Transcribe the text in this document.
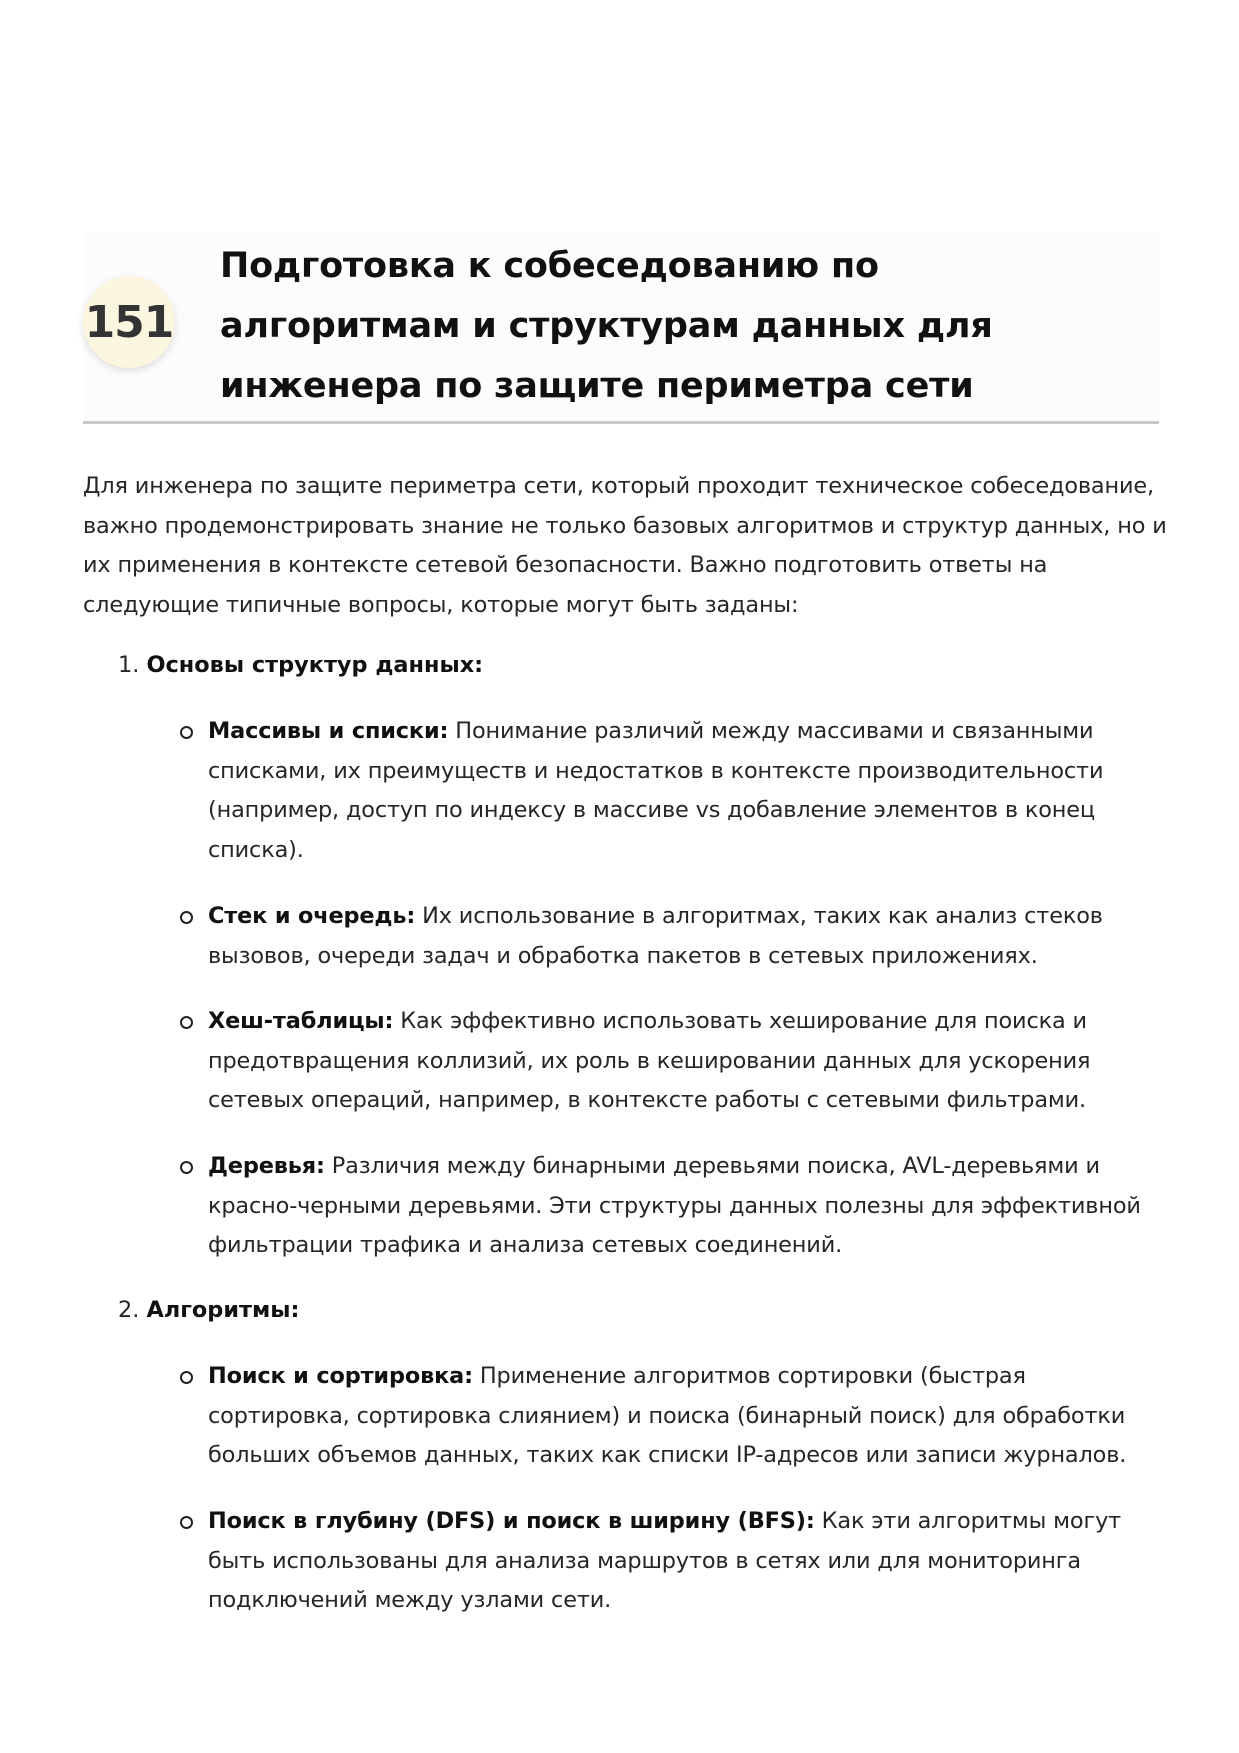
151
Подготовка к собеседованию по алгоритмам и структурам данных для инженера по защите периметра сети

Для инженера по защите периметра сети, который проходит техническое собеседование, важно продемонстрировать знание не только базовых алгоритмов и структур данных, но и их применения в контексте сетевой безопасности. Важно подготовить ответы на следующие типичные вопросы, которые могут быть заданы:

1. Основы структур данных:

Массивы и списки: Понимание различий между массивами и связанными списками, их преимуществ и недостатков в контексте производительности (например, доступ по индексу в массиве vs добавление элементов в конец списка).

Стек и очередь: Их использование в алгоритмах, таких как анализ стеков вызовов, очереди задач и обработка пакетов в сетевых приложениях.

Хеш-таблицы: Как эффективно использовать хеширование для поиска и предотвращения коллизий, их роль в кешировании данных для ускорения сетевых операций, например, в контексте работы с сетевыми фильтрами.

Деревья: Различия между бинарными деревьями поиска, AVL-деревьями и красно-черными деревьями. Эти структуры данных полезны для эффективной фильтрации трафика и анализа сетевых соединений.

2. Алгоритмы:

Поиск и сортировка: Применение алгоритмов сортировки (быстрая сортировка, сортировка слиянием) и поиска (бинарный поиск) для обработки больших объемов данных, таких как списки IP-адресов или записи журналов.

Поиск в глубину (DFS) и поиск в ширину (BFS): Как эти алгоритмы могут быть использованы для анализа маршрутов в сетях или для мониторинга подключений между узлами сети.
